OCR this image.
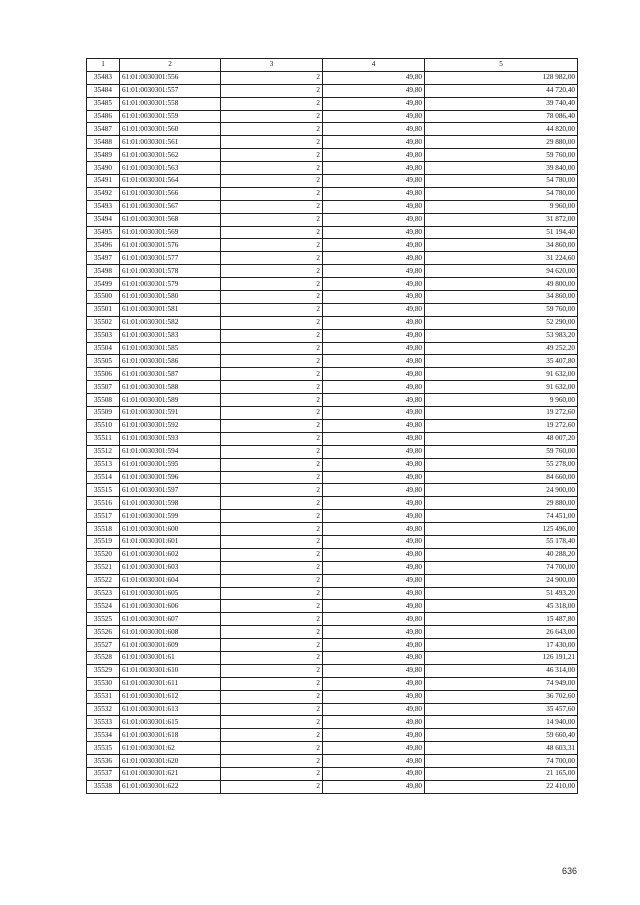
1	2	3	4	5
35483	61:01:0030301:556	2	49,80	128 982,00
35484	61:01:0030301:557	2	49,80	44 720,40
35485	61:01:0030301:558	2	49,80	39 740,40
35486	61:01:0030301:559	2	49,80	78 086,40
35487	61:01:0030301:560	2	49,80	44 820,00
35488	61:01:0030301:561	2	49,80	29 880,00
35489	61:01:0030301:562	2	49,80	59 760,00
35490	61:01:0030301:563	2	49,80	39 840,00
35491	61:01:0030301:564	2	49,80	54 780,00
35492	61:01:0030301:566	2	49,80	54 780,00
35493	61:01:0030301:567	2	49,80	9 960,00
35494	61:01:0030301:568	2	49,80	31 872,00
35495	61:01:0030301:569	2	49,80	51 194,40
35496	61:01:0030301:576	2	49,80	34 860,00
35497	61:01:0030301:577	2	49,80	31 224,60
35498	61:01:0030301:578	2	49,80	94 620,00
35499	61:01:0030301:579	2	49,80	49 800,00
35500	61:01:0030301:580	2	49,80	34 860,00
35501	61:01:0030301:581	2	49,80	59 760,00
35502	61:01:0030301:582	2	49,80	52 290,00
35503	61:01:0030301:583	2	49,80	53 983,20
35504	61:01:0030301:585	2	49,80	49 252,20
35505	61:01:0030301:586	2	49,80	35 407,80
35506	61:01:0030301:587	2	49,80	91 632,00
35507	61:01:0030301:588	2	49,80	91 632,00
35508	61:01:0030301:589	2	49,80	9 960,00
35509	61:01:0030301:591	2	49,80	19 272,60
35510	61:01:0030301:592	2	49,80	19 272,60
35511	61:01:0030301:593	2	49,80	48 007,20
35512	61:01:0030301:594	2	49,80	59 760,00
35513	61:01:0030301:595	2	49,80	55 278,00
35514	61:01:0030301:596	2	49,80	84 660,00
35515	61:01:0030301:597	2	49,80	24 900,00
35516	61:01:0030301:598	2	49,80	29 880,00
35517	61:01:0030301:599	2	49,80	74 451,00
35518	61:01:0030301:600	2	49,80	125 496,00
35519	61:01:0030301:601	2	49,80	55 178,40
35520	61:01:0030301:602	2	49,80	40 288,20
35521	61:01:0030301:603	2	49,80	74 700,00
35522	61:01:0030301:604	2	49,80	24 900,00
35523	61:01:0030301:605	2	49,80	51 493,20
35524	61:01:0030301:606	2	49,80	45 318,00
35525	61:01:0030301:607	2	49,80	15 487,80
35526	61:01:0030301:608	2	49,80	26 643,00
35527	61:01:0030301:609	2	49,80	17 430,00
35528	61:01:0030301:61	2	49,80	126 191,21
35529	61:01:0030301:610	2	49,80	46 314,00
35530	61:01:0030301:611	2	49,80	74 949,00
35531	61:01:0030301:612	2	49,80	36 702,60
35532	61:01:0030301:613	2	49,80	35 457,60
35533	61:01:0030301:615	2	49,80	14 940,00
35534	61:01:0030301:618	2	49,80	59 660,40
35535	61:01:0030301:62	2	49,80	48 603,31
35536	61:01:0030301:620	2	49,80	74 700,00
35537	61:01:0030301:621	2	49,80	21 165,00
35538	61:01:0030301:622	2	49,80	22 410,00
636
